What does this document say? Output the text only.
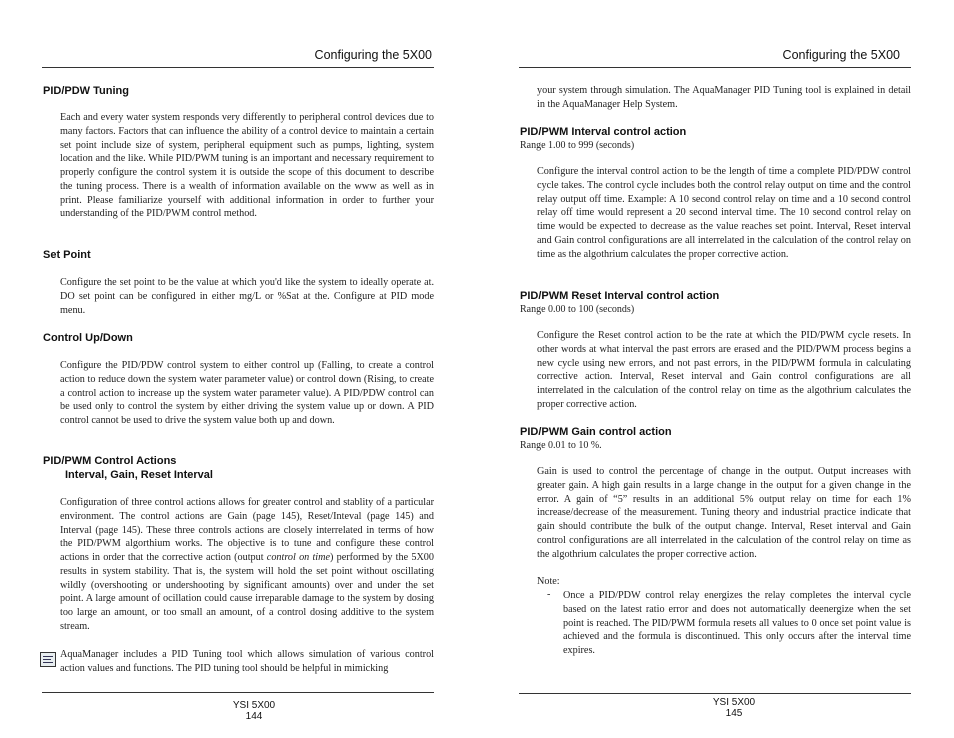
Configuring the 5X00
PID/PDW Tuning
Each and every water system responds very differently to peripheral control devices due to many factors. Factors that can influence the ability of a control device to maintain a certain set point include size of system, peripheral equipment such as pumps, lighting, system location and the like. While PID/PWM tuning is an important and necessary requirement to properly configure the control system it is outside the scope of this document to describe the tuning process. There is a wealth of information available on the www as well as in print. Please familiarize yourself with additional information in order to further your understanding of the PID/PWM control method.
Set Point
Configure the set point to be the value at which you'd like the system to ideally operate at. DO set point can be configured in either mg/L or %Sat at the. Configure at PID mode menu.
Control Up/Down
Configure the PID/PDW control system to either control up (Falling, to create a control action to reduce down the system water parameter value) or control down (Rising, to create a control action to increase up the system water parameter value). A PID/PDW control can be used only to control the system by either driving the system value up or down. A PID control cannot be used to drive the system value both up and down.
PID/PWM Control Actions
Interval, Gain, Reset Interval
Configuration of three control actions allows for greater control and stablity of a particular environment. The control actions are Gain (page 145), Reset/Inteval (page 145) and Interval (page 145). These three controls actions are closely interrelated in terms of how the PID/PWM algorthium works. The objective is to tune and configure these control actions in order that the corrective action (output control on time) performed by the 5X00 results in system stability. That is, the system will hold the set point without oscillating wildly (overshooting or undershooting by significant amounts) over and under the set point. A large amount of ocillation could cause irreparable damage to the system by dosing too large an amount, or too small an amount, of a control dosing additive to the system stream.
AquaManager includes a PID Tuning tool which allows simulation of various control action values and functions. The PID tuning tool should be helpful in mimicking
YSI 5X00
144
Configuring the 5X00
your system through simulation. The AquaManager PID Tuning tool is explained in detail in the AquaManager Help System.
PID/PWM Interval control action
Range 1.00 to 999 (seconds)
Configure the interval control action to be the length of time a complete PID/PDW control cycle takes. The control cycle includes both the control relay output on time and the control relay output off time. Example: A 10 second control relay on time and a 10 second control relay off time would represent a 20 second interval time. The 10 second control relay on time would be expected to decrease as the value reaches set point. Interval, Reset interval and Gain control configurations are all interrelated in the calculation of the control relay on time as the algothrium calculates the proper corrective action.
PID/PWM Reset Interval control action
Range 0.00 to 100 (seconds)
Configure the Reset control action to be the rate at which the PID/PWM cycle resets. In other words at what interval the past errors are erased and the PID/PWM process begins a new cycle using new errors, and not past errors, in the PID/PWM formula in calculating corrective action. Interval, Reset interval and Gain control configurations are all interrelated in the calculation of the control relay on time as the algothrium calculates the proper corrective action.
PID/PWM Gain control action
Range 0.01 to 10 %.
Gain is used to control the percentage of change in the output. Output increases with greater gain. A high gain results in a large change in the output for a given change in the error. A gain of “5” results in an additional 5% output relay on time for each 1% increase/decrease of the measurement. Tuning theory and industrial practice indicate that gain should contribute the bulk of the output change. Interval, Reset interval and Gain control configurations are all interrelated in the calculation of the control relay on time as the algothrium calculates the proper corrective action.
Note:
- Once a PID/PDW control relay energizes the relay completes the interval cycle based on the latest ratio error and does not automatically deenergize when the set point is reached. The PID/PWM formula resets all values to 0 once set point value is achieved and the formula is discontinued. This only occurs after the interval time expires.
YSI 5X00
145
